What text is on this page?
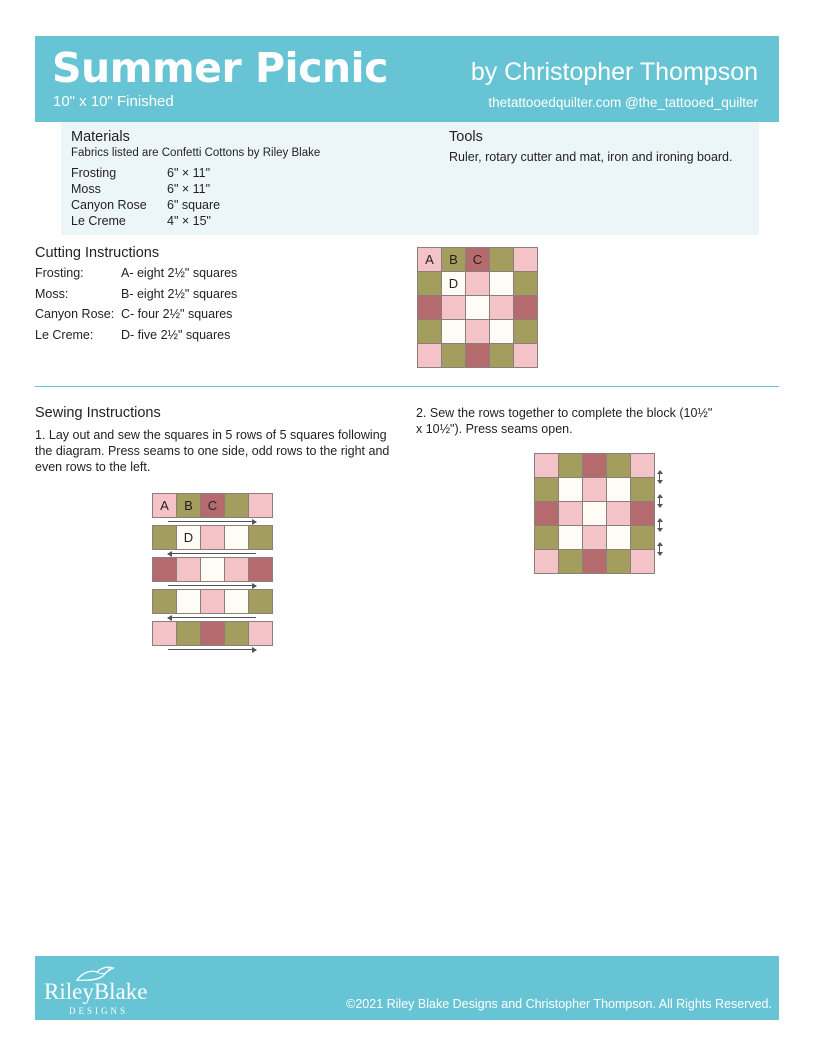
Summer Picnic
10" x 10" Finished
by Christopher Thompson
thetattooedquilter.com @the_tattooed_quilter
Materials
Fabrics listed are Confetti Cottons by Riley Blake
Frosting	6" × 11"
Moss	6" × 11"
Canyon Rose	6" square
Le Creme	4" × 15"
Tools
Ruler, rotary cutter and mat, iron and ironing board.
Cutting Instructions
Frosting:	A- eight 2½" squares
Moss:	B- eight 2½" squares
Canyon Rose: C- four 2½" squares
Le Creme:	D- five 2½" squares
A	B	C
D
Sewing Instructions
1. Lay out and sew the squares in 5 rows of 5 squares following the diagram. Press seams to one side, odd rows to the right and even rows to the left.
2. Sew the rows together to complete the block (10½" x 10½"). Press seams open.
A	B	C
D
RileyBlake
DESIGNS	©2021 Riley Blake Designs and Christopher Thompson. All Rights Reserved.
